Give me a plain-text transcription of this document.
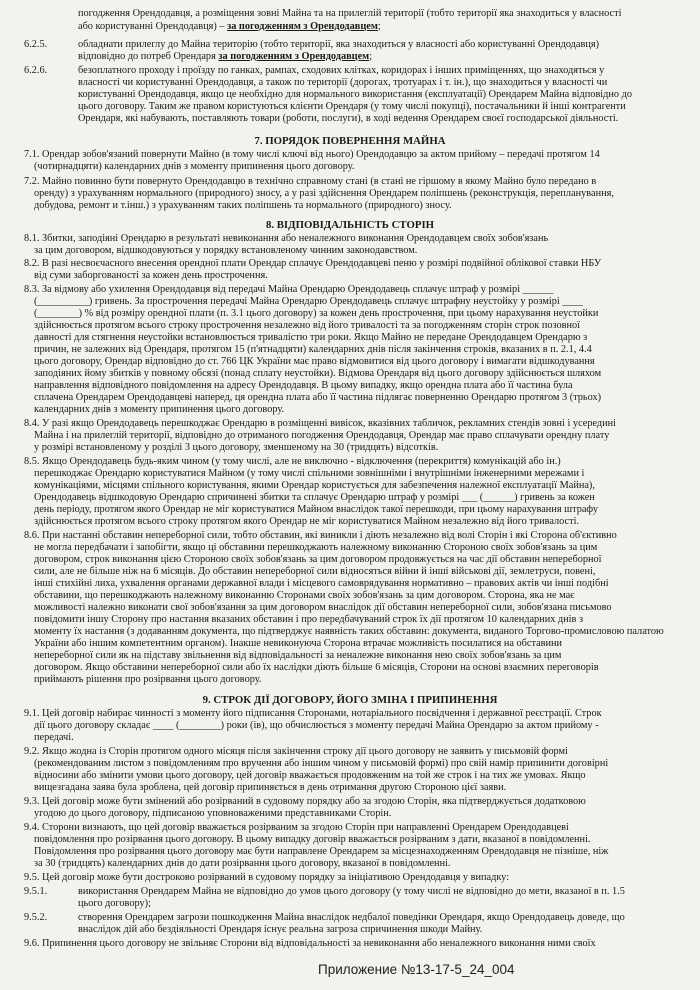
погодження Орендодавця, а розміщення зовні Майна та на прилеглій території (тобто території яка знаходиться у власності
або користуванні Орендодавця) – за погодженням з Орендодавцем;
6.2.5.	обладнати прилеглу до Майна територію (тобто території, яка знаходиться у власності або користуванні Орендодавця)
відповідно до потреб Орендаря за погодженням з Орендодавцем;
6.2.6.	безоплатного проходу і проїзду по ганках, рампах, сходових клітках, коридорах і інших приміщеннях, що знаходяться у
власності чи користуванні Орендодавця, а також по території (дорогах, тротуарах і т. ін.), що знаходиться у власності чи
користуванні Орендодавця, якщо це необхідно для нормального використання (експлуатації) Орендарем Майна відповідно до
цього договору. Таким же правом користуються клієнти Орендаря (у тому числі покупці), постачальники й інші контрагенти
Орендаря, які набувають, поставляють товари (роботи, послуги), в ході ведення Орендарем своєї господарської діяльності.
7. ПОРЯДОК ПОВЕРНЕННЯ МАЙНА
7.1. Орендар зобов'язаний повернути Майно (в тому числі ключі від нього) Орендодавцю за актом прийому – передачі протягом 14
(чотирнадцяти) календарних днів з моменту припинення цього договору.
7.2. Майно повинно бути повернуто Орендодавцю в технічно справному стані (в стані не гіршому в якому Майно було передано в
оренду) з урахуванням нормального (природного) зносу, а у разі здійснення Орендарем поліпшень (реконструкція, перепланування,
добудова, ремонт и т.інш.) з урахуванням таких поліпшень та нормального (природного) зносу.
8. ВІДПОВІДАЛЬНІСТЬ СТОРІН
8.1. Збитки, заподіяні Орендарю в результаті невиконання або неналежного виконання Орендодавцем своїх зобов'язань
за цим договором, відшкодовуються у порядку встановленому чинним законодавством.
8.2. В разі несвоєчасного внесення орендної плати Орендар сплачує Орендодавцеві пеню у розмірі подвійної облікової ставки НБУ
від суми заборгованості за кожен день прострочення.
8.3. За відмову або ухилення Орендодавця від передачі Майна Орендарю Орендодавець сплачує штраф у розмірі ______
(__________) гривень. За прострочення передачі Майна Орендарю Орендодавець сплачує штрафну неустойку у розмірі ____
(________) % від розміру орендної плати (п. 3.1 цього договору) за кожен день прострочення, при цьому нарахування неустойки
здійснюється протягом всього строку прострочення незалежно від його тривалості та за погодженням сторін строк позовної
давності для стягнення неустойки встановлюється тривалістю три роки. Якщо Майно не передане Орендодавцем Орендарю з
причин, не залежних від Орендаря, протягом 15 (п'ятнадцяти) календарних днів після закінчення строків, вказаних в п. 2.1, 4.4
цього договору, Орендар відповідно до ст. 766 ЦК України має право відмовитися від цього договору і вимагати відшкодування
заподіяних йому збитків у повному обсязі (понад сплату неустойки). Відмова Орендаря від цього договору здійснюється шляхом
направлення відповідного повідомлення на адресу Орендодавця. В цьому випадку, якщо орендна плата або її частина була
сплачена Орендарем Орендодавцеві наперед, ця орендна плата або її частина підлягає поверненню Орендарю протягом 3 (трьох)
календарних днів з моменту припинення цього договору.
8.4. У разі якщо Орендодавець перешкоджає Орендарю в розміщенні вивісок, вказівних табличок, рекламних стендів зовні і усередині
Майна і на прилеглій території, відповідно до отриманого погодження Орендодавця, Орендар має право сплачувати орендну плату
у розмірі встановленому у розділі 3 цього договору, зменшеному на 30 (тридцять) відсотків.
8.5. Якщо Орендодавець будь-яким чином (у тому числі, але не виключно - відключення (перекриття) комунікацій або ін.)
перешкоджає Орендарю користуватися Майном (у тому числі спільними зовнішніми і внутрішніми інженерними мережами і
комунікаціями, місцями спільного користування, якими Орендар користується для забезпечення належної експлуатації Майна),
Орендодавець відшкодовую Орендарю спричинені збитки та сплачує Орендарю штраф у розмірі ___ (______) гривень за кожен
день періоду, протягом якого Орендар не міг користуватися Майном внаслідок такої перешкоди, при цьому нарахування штрафу
здійснюється протягом всього строку протягом якого Орендар не міг користуватися Майном незалежно від його тривалості.
8.6. При настанні обставин непереборної сили, тобто обставин, які виникли і діють незалежно від волі Сторін і які Сторона об'єктивно
не могла передбачати і запобігти, якщо ці обставини перешкоджають належному виконанню Стороною своїх зобов'язань за цим
договором, строк виконання цією Стороною своїх зобов'язань за цим договором продовжується на час дії обставин непереборної
сили, але не більше ніж на 6 місяців. До обставин непереборної сили відносяться війни й інші військові дії, землетруси, повені,
інші стихійні лиха, ухвалення органами державної влади і місцевого самоврядування нормативно – правових актів чи інші подібні
обставини, що перешкоджають належному виконанню Сторонами своїх зобов'язань за цим договором. Сторона, яка не має
можливості належно виконати свої зобов'язання за цим договором внаслідок дії обставин непереборної сили, зобов'язана письмово
повідомити іншу Сторону про настання вказаних обставин і про передбачуваний строк їх дії протягом 10 календарних днів з
моменту їх настання (з додаванням документа, що підтверджує наявність таких обставин: документа, виданого Торгово-промисловою палатою
України або іншим компетентним органом). Інакше невиконуюча Сторона втрачає можливість посилатися на обставини
непереборної сили як на підставу звільнення від відповідальності за неналежне виконання нею своїх зобов'язань за цим
договором. Якщо обставини непереборної сили або їх наслідки діють більше 6 місяців, Сторони на основі взаємних переговорів
приймають рішення про розірвання цього договору.
9. СТРОК ДІЇ ДОГОВОРУ, ЙОГО ЗМІНА І ПРИПИНЕННЯ
9.1. Цей договір набирає чинності з моменту його підписання Сторонами, нотаріального посвідчення і державної реєстрації. Строк
дії цього договору складає ____ (________) роки (ів), що обчислюється з моменту передачі Майна Орендарю за актом прийому -
передачі.
9.2. Якщо жодна із Сторін протягом одного місяця після закінчення строку дії цього договору не заявить у письмовій формі
(рекомендованим листом з повідомленням про вручення або іншим чином у письмовій формі) про свій намір припинити договірні
відносини або змінити умови цього договору, цей договір вважається продовженим на той же строк і на тих же умовах. Якщо
вищезгадана заява була зроблена, цей договір припиняється в день отримання другою Стороною цієї заяви.
9.3. Цей договір може бути змінений або розірваний в судовому порядку або за згодою Сторін, яка підтверджується додатковою
угодою до цього договору, підписаною уповноваженими представниками Сторін.
9.4. Сторони визнають, що цей договір вважається розірваним за згодою Сторін при направленні Орендарем Орендодавцеві
повідомлення про розірвання цього договору. В цьому випадку договір вважається розірваним з дати, вказаної в повідомленні.
Повідомлення про розірвання цього договору має бути направлене Орендарем за місцезнаходженням Орендодавця не пізніше, ніж
за 30 (тридцять) календарних днів до дати розірвання цього договору, вказаної в повідомленні.
9.5. Цей договір може бути достроково розірваний в судовому порядку за ініціативою Орендодавця у випадку:
9.5.1.	використання Орендарем Майна не відповідно до умов цього договору (у тому числі не відповідно до мети, вказаної в п. 1.5
цього договору);
9.5.2.	створення Орендарем загрози пошкодження Майна внаслідок недбалої поведінки Орендаря, якщо Орендодавець доведе, що
внаслідок дій або бездіяльності Орендаря існує реальна загроза спричинення шкоди Майну.
9.6. Припинення цього договору не звільняє Сторони від відповідальності за невиконання або неналежного виконання ними своїх
Приложение №13-17-5_24_004
